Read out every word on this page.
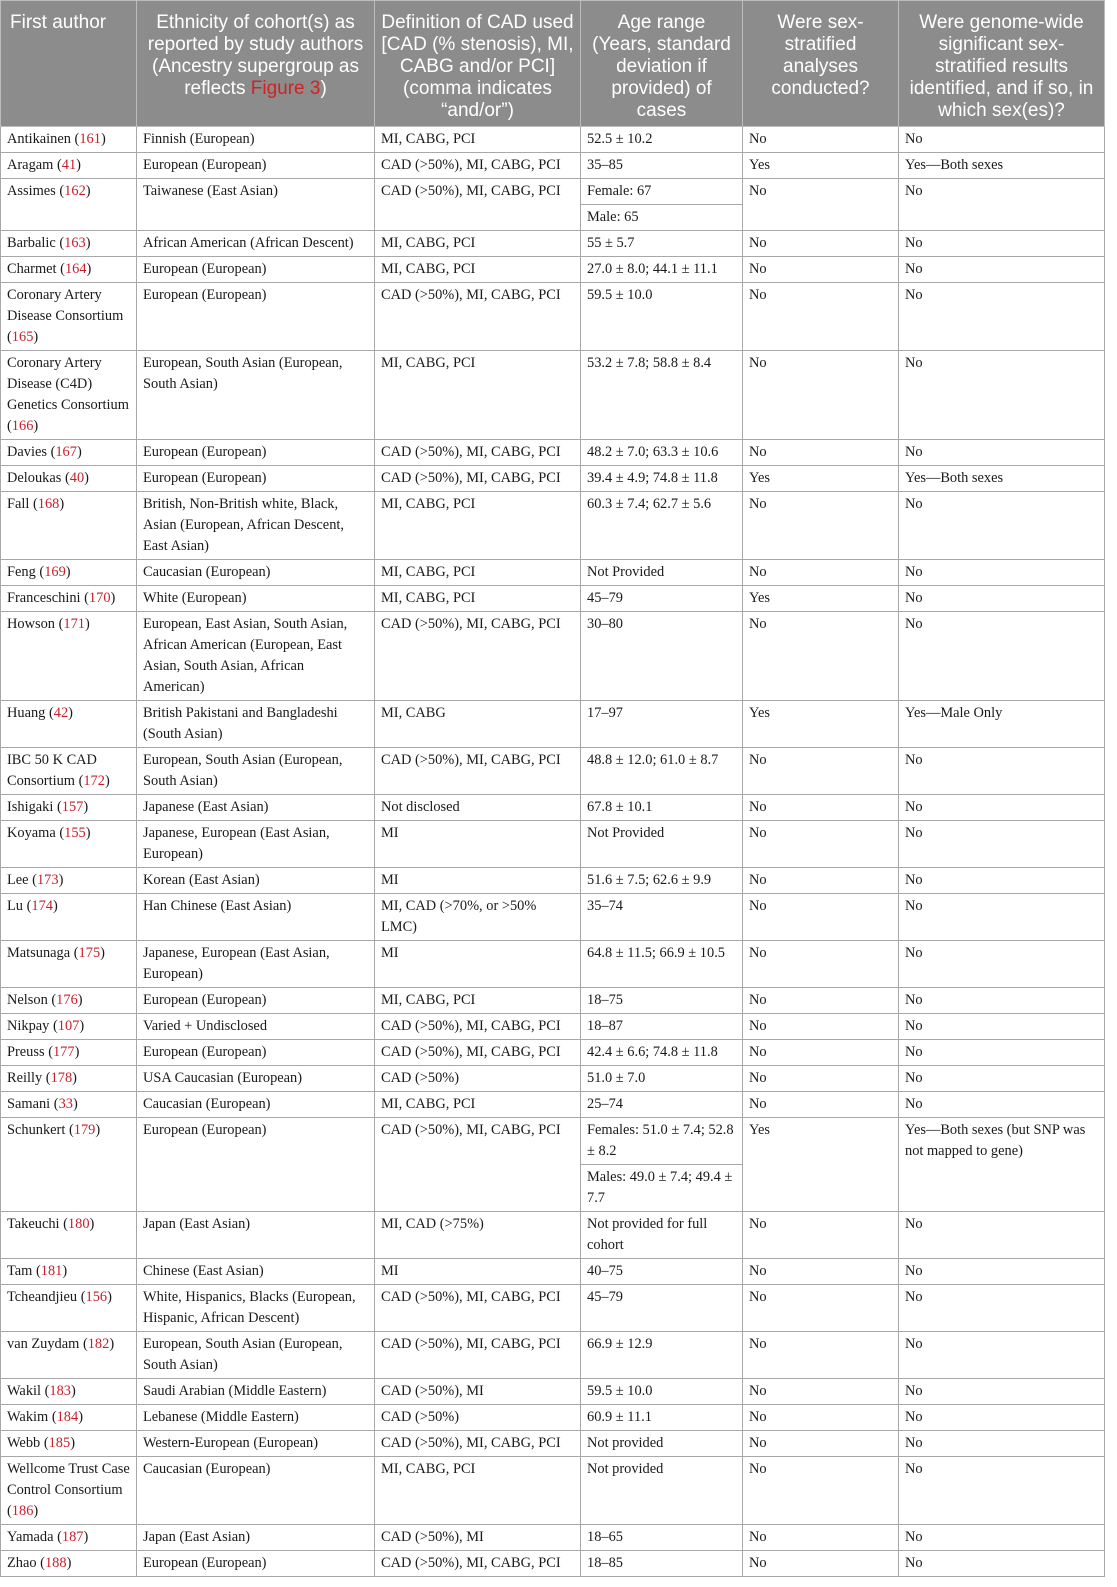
First author	Ethnicity of cohort(s) as reported by study authors (Ancestry supergroup as reflects Figure 3)	Definition of CAD used [CAD (% stenosis), MI, CABG and/or PCI] (comma indicates “and/or”)	Age range (Years, standard deviation if provided) of cases	Were sex-stratified analyses conducted?	Were genome-wide significant sex-stratified results identified, and if so, in which sex(es)?
Antikainen (161)	Finnish (European)	MI, CABG, PCI	52.5 ± 10.2	No	No
Aragam (41)	European (European)	CAD (>50%), MI, CABG, PCI	35–85	Yes	Yes—Both sexes
Assimes (162)	Taiwanese (East Asian)	CAD (>50%), MI, CABG, PCI	Female: 67	No	No
			Male: 65		
Barbalic (163)	African American (African Descent)	MI, CABG, PCI	55 ± 5.7	No	No
Charmet (164)	European (European)	MI, CABG, PCI	27.0 ± 8.0; 44.1 ± 11.1	No	No
Coronary Artery Disease Consortium (165)	European (European)	CAD (>50%), MI, CABG, PCI	59.5 ± 10.0	No	No
Coronary Artery Disease (C4D) Genetics Consortium (166)	European, South Asian (European, South Asian)	MI, CABG, PCI	53.2 ± 7.8; 58.8 ± 8.4	No	No
Davies (167)	European (European)	CAD (>50%), MI, CABG, PCI	48.2 ± 7.0; 63.3 ± 10.6	No	No
Deloukas (40)	European (European)	CAD (>50%), MI, CABG, PCI	39.4 ± 4.9; 74.8 ± 11.8	Yes	Yes—Both sexes
Fall (168)	British, Non-British white, Black, Asian (European, African Descent, East Asian)	MI, CABG, PCI	60.3 ± 7.4; 62.7 ± 5.6	No	No
Feng (169)	Caucasian (European)	MI, CABG, PCI	Not Provided	No	No
Franceschini (170)	White (European)	MI, CABG, PCI	45–79	Yes	No
Howson (171)	European, East Asian, South Asian, African American (European, East Asian, South Asian, African American)	CAD (>50%), MI, CABG, PCI	30–80	No	No
Huang (42)	British Pakistani and Bangladeshi (South Asian)	MI, CABG	17–97	Yes	Yes—Male Only
IBC 50 K CAD Consortium (172)	European, South Asian (European, South Asian)	CAD (>50%), MI, CABG, PCI	48.8 ± 12.0; 61.0 ± 8.7	No	No
Ishigaki (157)	Japanese (East Asian)	Not disclosed	67.8 ± 10.1	No	No
Koyama (155)	Japanese, European (East Asian, European)	MI	Not Provided	No	No
Lee (173)	Korean (East Asian)	MI	51.6 ± 7.5; 62.6 ± 9.9	No	No
Lu (174)	Han Chinese (East Asian)	MI, CAD (>70%, or >50% LMC)	35–74	No	No
Matsunaga (175)	Japanese, European (East Asian, European)	MI	64.8 ± 11.5; 66.9 ± 10.5	No	No
Nelson (176)	European (European)	MI, CABG, PCI	18–75	No	No
Nikpay (107)	Varied + Undisclosed	CAD (>50%), MI, CABG, PCI	18–87	No	No
Preuss (177)	European (European)	CAD (>50%), MI, CABG, PCI	42.4 ± 6.6; 74.8 ± 11.8	No	No
Reilly (178)	USA Caucasian (European)	CAD (>50%)	51.0 ± 7.0	No	No
Samani (33)	Caucasian (European)	MI, CABG, PCI	25–74	No	No
Schunkert (179)	European (European)	CAD (>50%), MI, CABG, PCI	Females: 51.0 ± 7.4; 52.8 ± 8.2	Yes	Yes—Both sexes (but SNP was not mapped to gene)
			Males: 49.0 ± 7.4; 49.4 ± 7.7		
Takeuchi (180)	Japan (East Asian)	MI, CAD (>75%)	Not provided for full cohort	No	No
Tam (181)	Chinese (East Asian)	MI	40–75	No	No
Tcheandjieu (156)	White, Hispanics, Blacks (European, Hispanic, African Descent)	CAD (>50%), MI, CABG, PCI	45–79	No	No
van Zuydam (182)	European, South Asian (European, South Asian)	CAD (>50%), MI, CABG, PCI	66.9 ± 12.9	No	No
Wakil (183)	Saudi Arabian (Middle Eastern)	CAD (>50%), MI	59.5 ± 10.0	No	No
Wakim (184)	Lebanese (Middle Eastern)	CAD (>50%)	60.9 ± 11.1	No	No
Webb (185)	Western-European (European)	CAD (>50%), MI, CABG, PCI	Not provided	No	No
Wellcome Trust Case Control Consortium (186)	Caucasian (European)	MI, CABG, PCI	Not provided	No	No
Yamada (187)	Japan (East Asian)	CAD (>50%), MI	18–65	No	No
Zhao (188)	European (European)	CAD (>50%), MI, CABG, PCI	18–85	No	No
